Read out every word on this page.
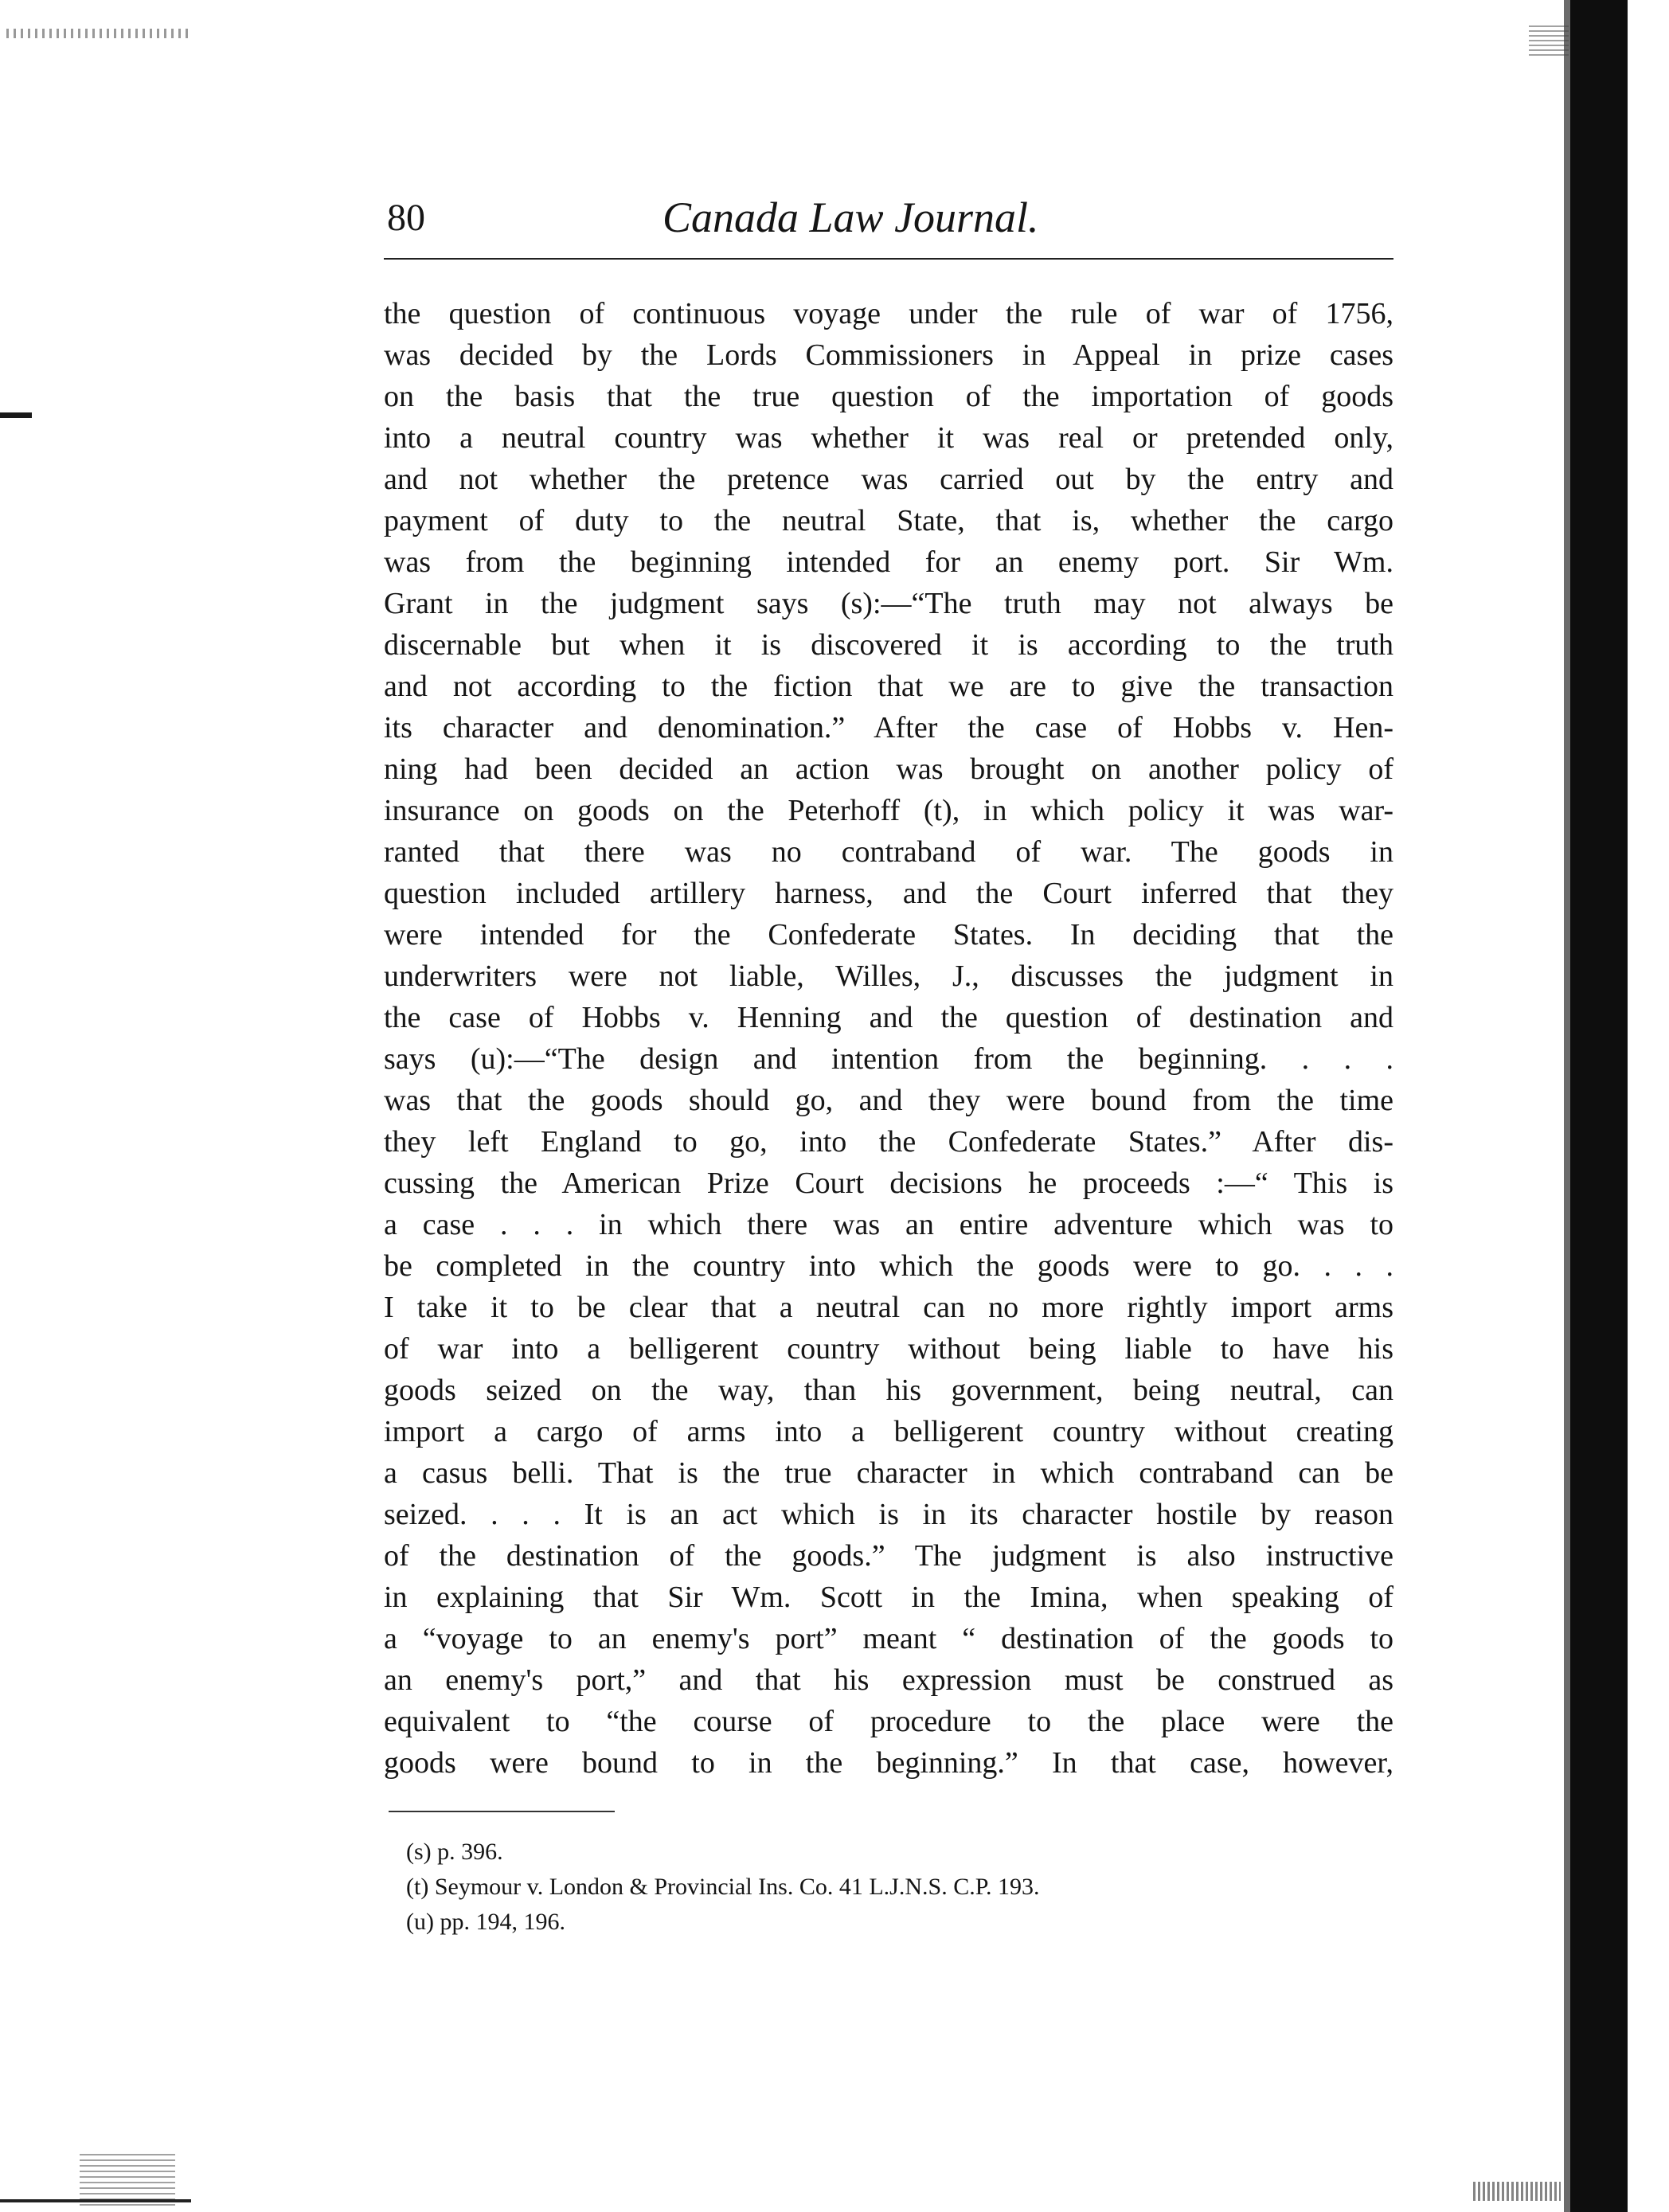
80	Canada Law Journal.
the question of continuous voyage under the rule of war of 1756,
was decided by the Lords Commissioners in Appeal in prize cases
on the basis that the true question of the importation of goods
into a neutral country was whether it was real or pretended only,
and not whether the pretence was carried out by the entry and
payment of duty to the neutral State, that is, whether the cargo
was from the beginning intended for an enemy port. Sir Wm.
Grant in the judgment says (s):—“The truth may not always be
discernable but when it is discovered it is according to the truth
and not according to the fiction that we are to give the transaction
its character and denomination.” After the case of Hobbs v. Hen-
ning had been decided an action was brought on another policy of
insurance on goods on the Peterhoff (t), in which policy it was war-
ranted that there was no contraband of war. The goods in
question included artillery harness, and the Court inferred that they
were intended for the Confederate States. In deciding that the
underwriters were not liable, Willes, J., discusses the judgment in
the case of Hobbs v. Henning and the question of destination and
says (u):—“The design and intention from the beginning. . . .
was that the goods should go, and they were bound from the time
they left England to go, into the Confederate States.” After dis-
cussing the American Prize Court decisions he proceeds :—“ This is
a case . . . in which there was an entire adventure which was to
be completed in the country into which the goods were to go. . . .
I take it to be clear that a neutral can no more rightly import arms
of war into a belligerent country without being liable to have his
goods seized on the way, than his government, being neutral, can
import a cargo of arms into a belligerent country without creating
a casus belli. That is the true character in which contraband can be
seized. . . . It is an act which is in its character hostile by reason
of the destination of the goods.” The judgment is also instructive
in explaining that Sir Wm. Scott in the Imina, when speaking of
a “voyage to an enemy's port” meant “ destination of the goods to
an enemy's port,” and that his expression must be construed as
equivalent to “the course of procedure to the place were the
goods were bound to in the beginning.” In that case, however,
(s) p. 396.
(t) Seymour v. London & Provincial Ins. Co. 41 L.J.N.S. C.P. 193.
(u) pp. 194, 196.
